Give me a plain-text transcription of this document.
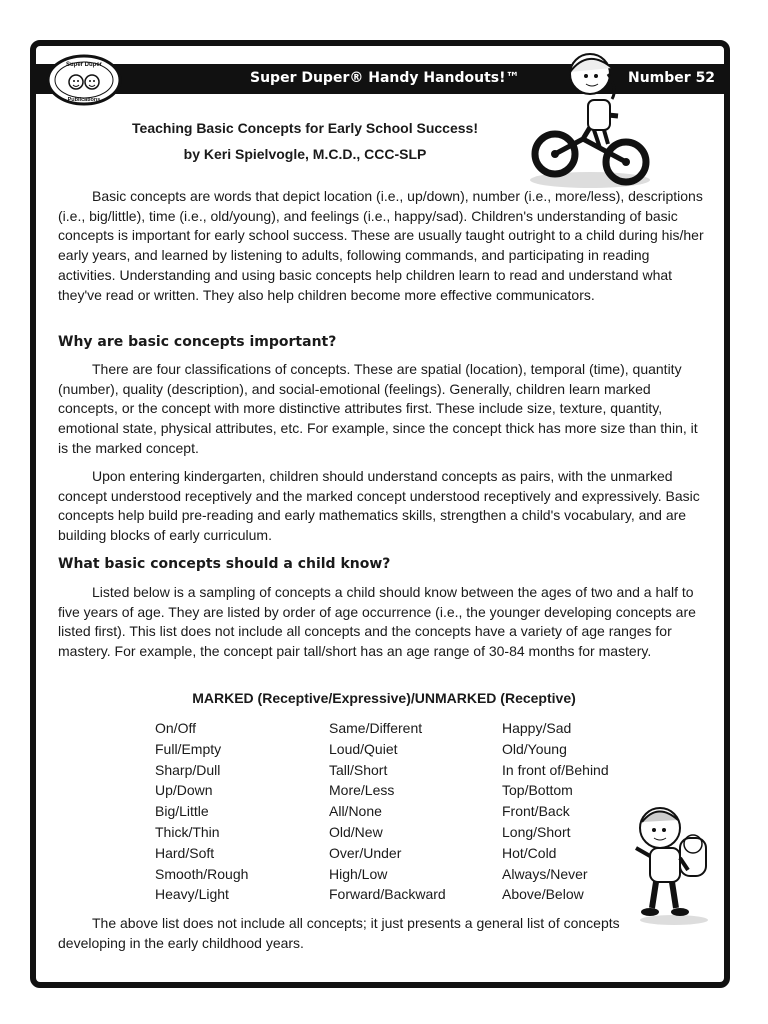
Super Duper
Publications
Super Duper® Handy Handouts!™	Number 52
Teaching Basic Concepts for Early School Success!
by Keri Spielvogle, M.C.D., CCC-SLP

Basic concepts are words that depict location (i.e., up/down), number (i.e., more/less), descriptions (i.e., big/little), time (i.e., old/young), and feelings (i.e., happy/sad). Children's understanding of basic concepts is important for early school success. These are usually taught outright to a child during his/her early years, and learned by listening to adults, following commands, and participating in reading activities. Understanding and using basic concepts help children learn to read and understand what they've read or written. They also help children become more effective communicators.

Why are basic concepts important?

There are four classifications of concepts. These are spatial (location), temporal (time), quantity (number), quality (description), and social-emotional (feelings). Generally, children learn marked concepts, or the concept with more distinctive attributes first. These include size, texture, quantity, emotional state, physical attributes, etc. For example, since the concept thick has more size than thin, it is the marked concept.

Upon entering kindergarten, children should understand concepts as pairs, with the unmarked concept understood receptively and the marked concept understood receptively and expressively. Basic concepts help build pre-reading and early mathematics skills, strengthen a child's vocabulary, and are building blocks of early curriculum.

What basic concepts should a child know?

Listed below is a sampling of concepts a child should know between the ages of two and a half to five years of age. They are listed by order of age occurrence (i.e., the younger developing concepts are listed first). This list does not include all concepts and the concepts have a variety of age ranges for mastery. For example, the concept pair tall/short has an age range of 30-84 months for mastery.

MARKED (Receptive/Expressive)/UNMARKED (Receptive)
On/Off
Full/Empty
Sharp/Dull
Up/Down
Big/Little
Thick/Thin
Hard/Soft
Smooth/Rough
Heavy/Light
Same/Different
Loud/Quiet
Tall/Short
More/Less
All/None
Old/New
Over/Under
High/Low
Forward/Backward
Happy/Sad
Old/Young
In front of/Behind
Top/Bottom
Front/Back
Long/Short
Hot/Cold
Always/Never
Above/Below

The above list does not include all concepts; it just presents a general list of concepts developing in the early childhood years.
